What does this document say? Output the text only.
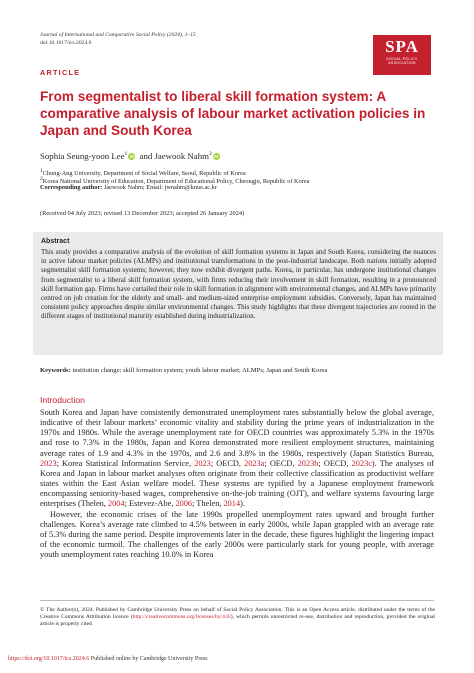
Journal of International and Comparative Social Policy (2024), 1–15
doi:10.1017/ics.2024.6	SPA
SOCIAL POLICY
ASSOCIATION
ARTICLE
From segmentalist to liberal skill formation system: A comparative analysis of labour market activation policies in Japan and South Korea
Sophia Seung-yoon Lee$^1$ iD and Jaewook Nahm$^2$ iD
1Chung-Ang University, Department of Social Welfare, Seoul, Republic of Korea
2Korea National University of Education, Department of Educational Policy, Cheongju, Republic of Korea
Corresponding author: Jaewook Nahm; Email: jwnahm@knue.ac.kr
(Received 04 July 2023; revised 13 December 2023; accepted 26 January 2024)
Abstract
This study provides a comparative analysis of the evolution of skill formation systems in Japan and South Korea, considering the nuances in active labour market policies (ALMPs) and institutional transformations in the post-industrial landscape. Both nations initially adopted segmentalist skill formation systems; however, they now exhibit divergent paths. Korea, in particular, has undergone institutional changes from segmentalist to a liberal skill formation system, with firms reducing their involvement in skill formation, resulting in a pronounced skill formation gap. Firms have curtailed their role in skill formation in alignment with environmental changes, and ALMPs have primarily centred on job creation for the elderly and small- and medium-sized enterprise employment subsidies. Conversely, Japan has maintained consistent policy approaches despite similar environmental changes. This study highlights that these divergent trajectories are rooted in the different stages of institutional maturity established during industrialization.
Keywords: institution change; skill formation system; youth labour market; ALMPs; Japan and South Korea
Introduction

South Korea and Japan have consistently demonstrated unemployment rates substantially below the global average, indicative of their labour markets’ economic vitality and stability during the prime years of industrialization in the 1970s and 1980s. While the average unemployment rate for OECD countries was approximately 5.3% in the 1970s and rose to 7.3% in the 1980s, Japan and Korea demonstrated more resilient employment structures, maintaining average rates of 1.9 and 4.3% in the 1970s, and 2.6 and 3.8% in the 1980s, respectively (Japan Statistics Bureau, 2023; Korea Statistical Information Service, 2023; OECD, 2023a; OECD, 2023b; OECD, 2023c). The analyses of Korea and Japan in labour market analyses often originate from their collective classification as productivist welfare states within the East Asian welfare model. These systems are typified by a Japanese employment framework encompassing seniority-based wages, comprehensive on-the-job training (OJT), and welfare systems favouring large enterprises (Thelen, 2004; Estevez-Abe, 2006; Thelen, 2014).

However, the economic crises of the late 1990s propelled unemployment rates upward and brought further challenges. Korea’s average rate climbed to 4.5% between in early 2000s, while Japan grappled with an average rate of 5.3% during the same period. Despite improvements later in the decade, these figures highlight the lingering impact of the economic turmoil. The challenges of the early 2000s were particularly stark for young people, with average youth unemployment rates reaching 10.0% in Korea

© The Author(s), 2024. Published by Cambridge University Press on behalf of Social Policy Association. This is an Open Access article, distributed under the terms of the Creative Commons Attribution licence (http://creativecommons.org/licenses/by/4.0/), which permits unrestricted re-use, distribution and reproduction, provided the original article is properly cited.
https://doi.org/10.1017/ics.2024.6 Published online by Cambridge University Press
